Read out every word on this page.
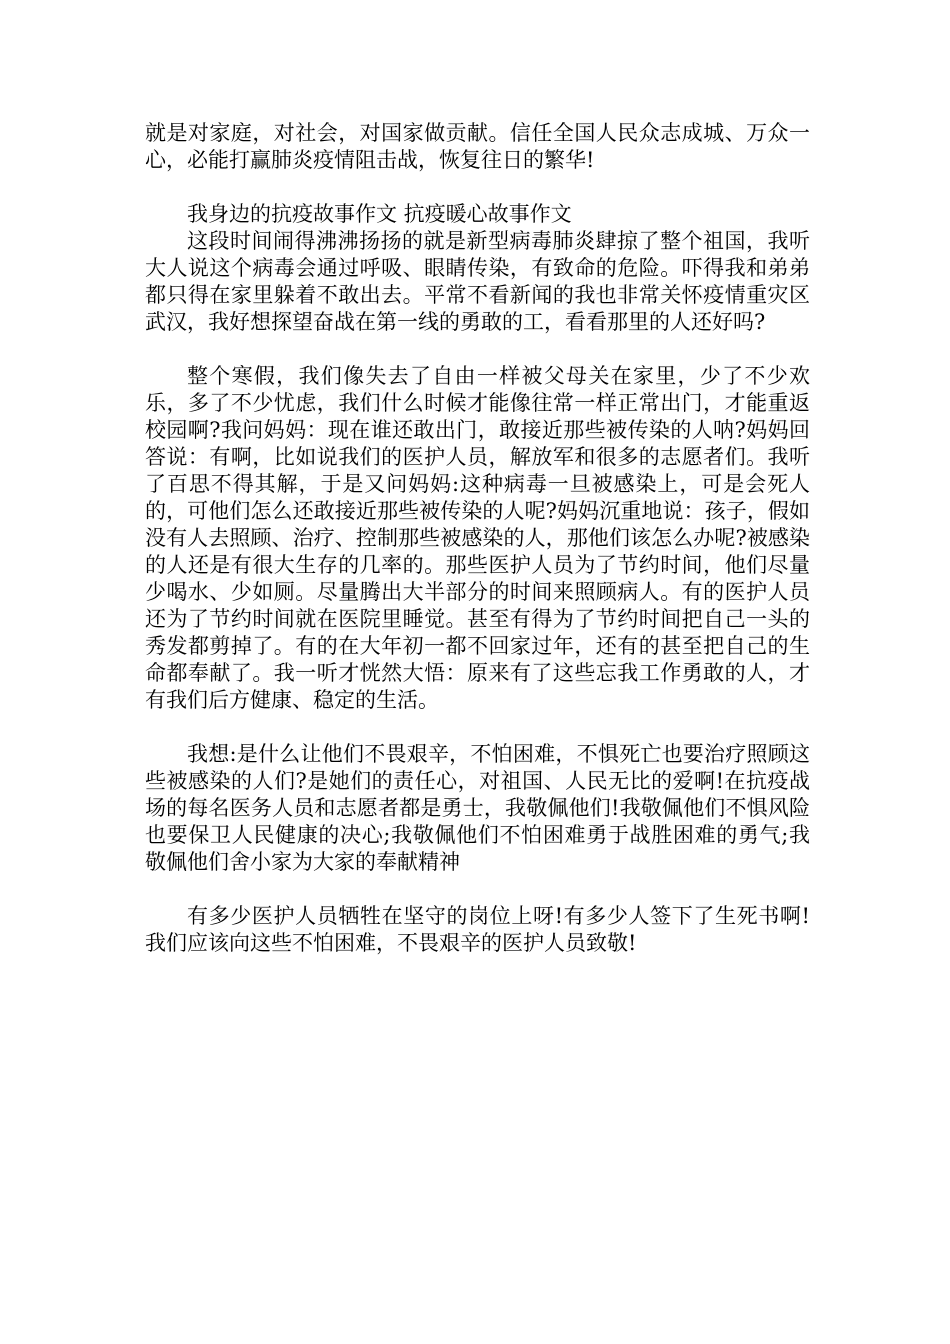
就是对家庭，对社会，对国家做贡献。信任全国人民众志成城、万众一心，必能打赢肺炎疫情阻击战，恢复往日的繁华!

我身边的抗疫故事作文 抗疫暖心故事作文

这段时间闹得沸沸扬扬的就是新型病毒肺炎肆掠了整个祖国，我听大人说这个病毒会通过呼吸、眼睛传染，有致命的危险。吓得我和弟弟都只得在家里躲着不敢出去。平常不看新闻的我也非常关怀疫情重灾区武汉，我好想探望奋战在第一线的勇敢的工，看看那里的人还好吗?

整个寒假，我们像失去了自由一样被父母关在家里，少了不少欢乐，多了不少忧虑，我们什么时候才能像往常一样正常出门，才能重返校园啊?我问妈妈：现在谁还敢出门，敢接近那些被传染的人呐?妈妈回答说：有啊，比如说我们的医护人员，解放军和很多的志愿者们。我听了百思不得其解，于是又问妈妈:这种病毒一旦被感染上，可是会死人的，可他们怎么还敢接近那些被传染的人呢?妈妈沉重地说：孩子，假如没有人去照顾、治疗、控制那些被感染的人，那他们该怎么办呢?被感染的人还是有很大生存的几率的。那些医护人员为了节约时间，他们尽量少喝水、少如厕。尽量腾出大半部分的时间来照顾病人。有的医护人员还为了节约时间就在医院里睡觉。甚至有得为了节约时间把自己一头的秀发都剪掉了。有的在大年初一都不回家过年，还有的甚至把自己的生命都奉献了。我一听才恍然大悟：原来有了这些忘我工作勇敢的人，才有我们后方健康、稳定的生活。

我想:是什么让他们不畏艰辛，不怕困难，不惧死亡也要治疗照顾这些被感染的人们?是她们的责任心，对祖国、人民无比的爱啊!在抗疫战场的每名医务人员和志愿者都是勇士，我敬佩他们!我敬佩他们不惧风险也要保卫人民健康的决心;我敬佩他们不怕困难勇于战胜困难的勇气;我敬佩他们舍小家为大家的奉献精神

有多少医护人员牺牲在坚守的岗位上呀!有多少人签下了生死书啊!我们应该向这些不怕困难，不畏艰辛的医护人员致敬!
